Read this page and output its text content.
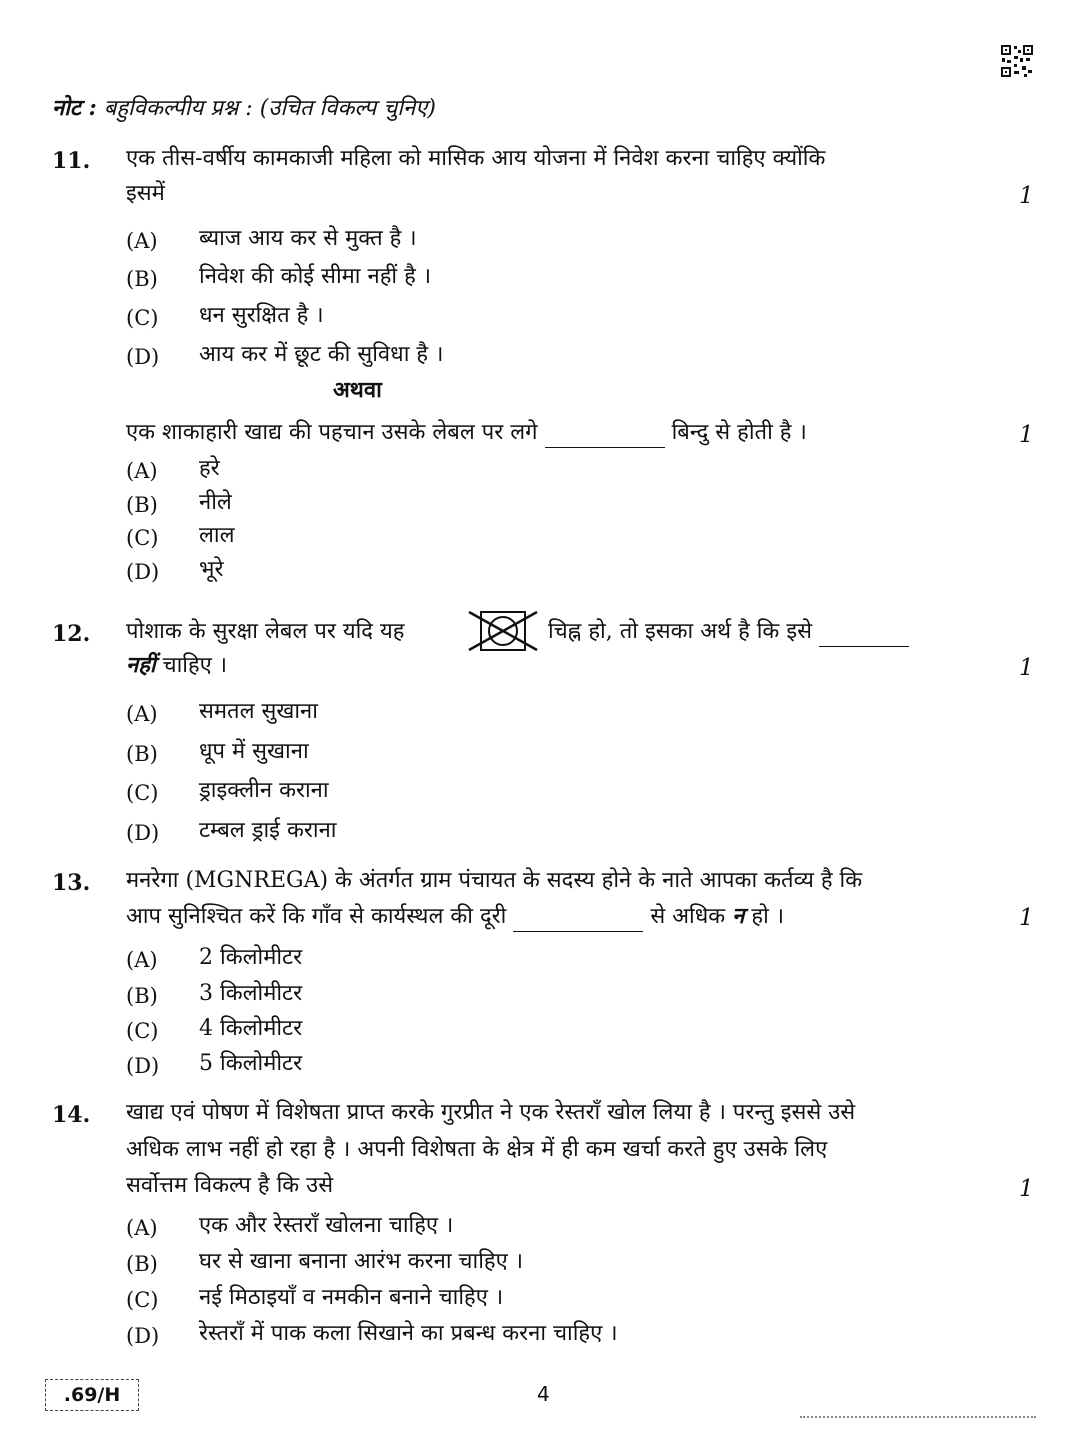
नोट : बहुविकल्पीय प्रश्न : (उचित विकल्प चुनिए)
11. एक तीस-वर्षीय कामकाजी महिला को मासिक आय योजना में निवेश करना चाहिए क्योंकि
इसमें	1
(A) ब्याज आय कर से मुक्त है ।
(B) निवेश की कोई सीमा नहीं है ।
(C) धन सुरक्षित है ।
(D) आय कर में छूट की सुविधा है ।
अथवा
एक शाकाहारी खाद्य की पहचान उसके लेबल पर लगे	बिन्दु से होती है ।	1
(A) हरे
(B) नीले
(C) लाल
(D) भूरे
12. पोशाक के सुरक्षा लेबल पर यदि यह	चिह्न हो, तो इसका अर्थ है कि इसे
नहीं चाहिए ।	1
(A) समतल सुखाना
(B) धूप में सुखाना
(C) ड्राइक्लीन कराना
(D) टम्बल ड्राई कराना
13. मनरेगा (MGNREGA) के अंतर्गत ग्राम पंचायत के सदस्य होने के नाते आपका कर्तव्य है कि
आप सुनिश्चित करें कि गाँव से कार्यस्थल की दूरी	से अधिक न हो ।	1
(A) 2 किलोमीटर
(B) 3 किलोमीटर
(C) 4 किलोमीटर
(D) 5 किलोमीटर
14. खाद्य एवं पोषण में विशेषता प्राप्त करके गुरप्रीत ने एक रेस्तराँ खोल लिया है । परन्तु इससे उसे
अधिक लाभ नहीं हो रहा है । अपनी विशेषता के क्षेत्र में ही कम खर्चा करते हुए उसके लिए
सर्वोत्तम विकल्प है कि उसे	1
(A) एक और रेस्तराँ खोलना चाहिए ।
(B) घर से खाना बनाना आरंभ करना चाहिए ।
(C) नई मिठाइयाँ व नमकीन बनाने चाहिए ।
(D) रेस्तराँ में पाक कला सिखाने का प्रबन्ध करना चाहिए ।
.69/H	4
